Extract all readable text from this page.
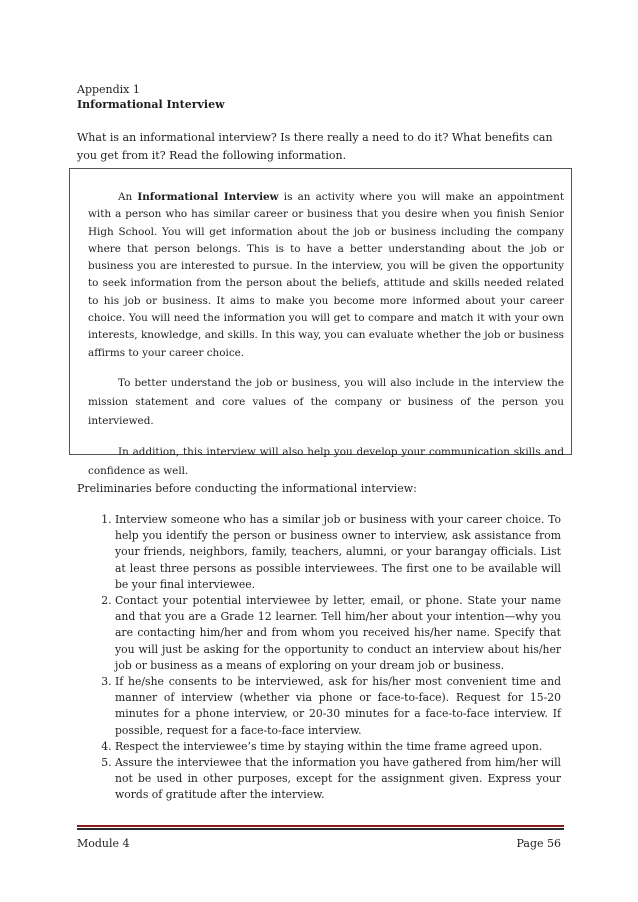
Appendix 1

Informational Interview

What is an informational interview? Is there really a need to do it? What benefits can you get from it? Read the following information.

An Informational Interview is an activity where you will make an appointment with a person who has similar career or business that you desire when you finish Senior High School. You will get information about the job or business including the company where that person belongs. This is to have a better understanding about the job or business you are interested to pursue. In the interview, you will be given the opportunity to seek information from the person about the beliefs, attitude and skills needed related to his job or business. It aims to make you become more informed about your career choice. You will need the information you will get to compare and match it with your own interests, knowledge, and skills. In this way, you can evaluate whether the job or business affirms to your career choice.

To better understand the job or business, you will also include in the interview the mission statement and core values of the company or business of the person you interviewed.

In addition, this interview will also help you develop your communication skills and confidence as well.

Preliminaries before conducting the informational interview:

1. Interview someone who has a similar job or business with your career choice. To help you identify the person or business owner to interview, ask assistance from your friends, neighbors, family, teachers, alumni, or your barangay officials. List at least three persons as possible interviewees. The first one to be available will be your final interviewee.
2. Contact your potential interviewee by letter, email, or phone. State your name and that you are a Grade 12 learner. Tell him/her about your intention—why you are contacting him/her and from whom you received his/her name. Specify that you will just be asking for the opportunity to conduct an interview about his/her job or business as a means of exploring on your dream job or business.
3. If he/she consents to be interviewed, ask for his/her most convenient time and manner of interview (whether via phone or face-to-face). Request for 15-20 minutes for a phone interview, or 20-30 minutes for a face-to-face interview. If possible, request for a face-to-face interview.
4. Respect the interviewee’s time by staying within the time frame agreed upon.
5. Assure the interviewee that the information you have gathered from him/her will not be used in other purposes, except for the assignment given. Express your words of gratitude after the interview.
Module 4	Page 56
